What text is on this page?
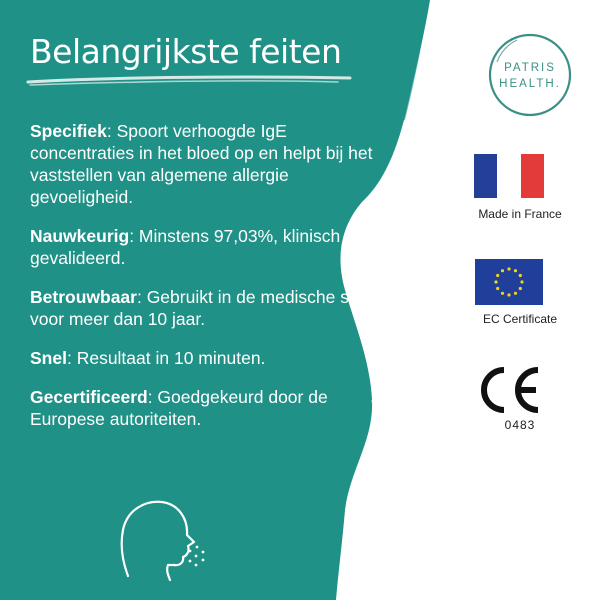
Belangrijkste feiten
Specifiek: Spoort verhoogde IgE concentraties in het bloed op en helpt bij het vaststellen van algemene allergie gevoeligheid.
Nauwkeurig: Minstens 97,03%, klinisch gevalideerd.
Betrouwbaar: Gebruikt in de medische sector voor meer dan 10 jaar.
Snel: Resultaat in 10 minuten.
Gecertificeerd: Goedgekeurd door de Europese autoriteiten.
PATRIS
HEALTH.
Made in France
EC Certificate
0483
